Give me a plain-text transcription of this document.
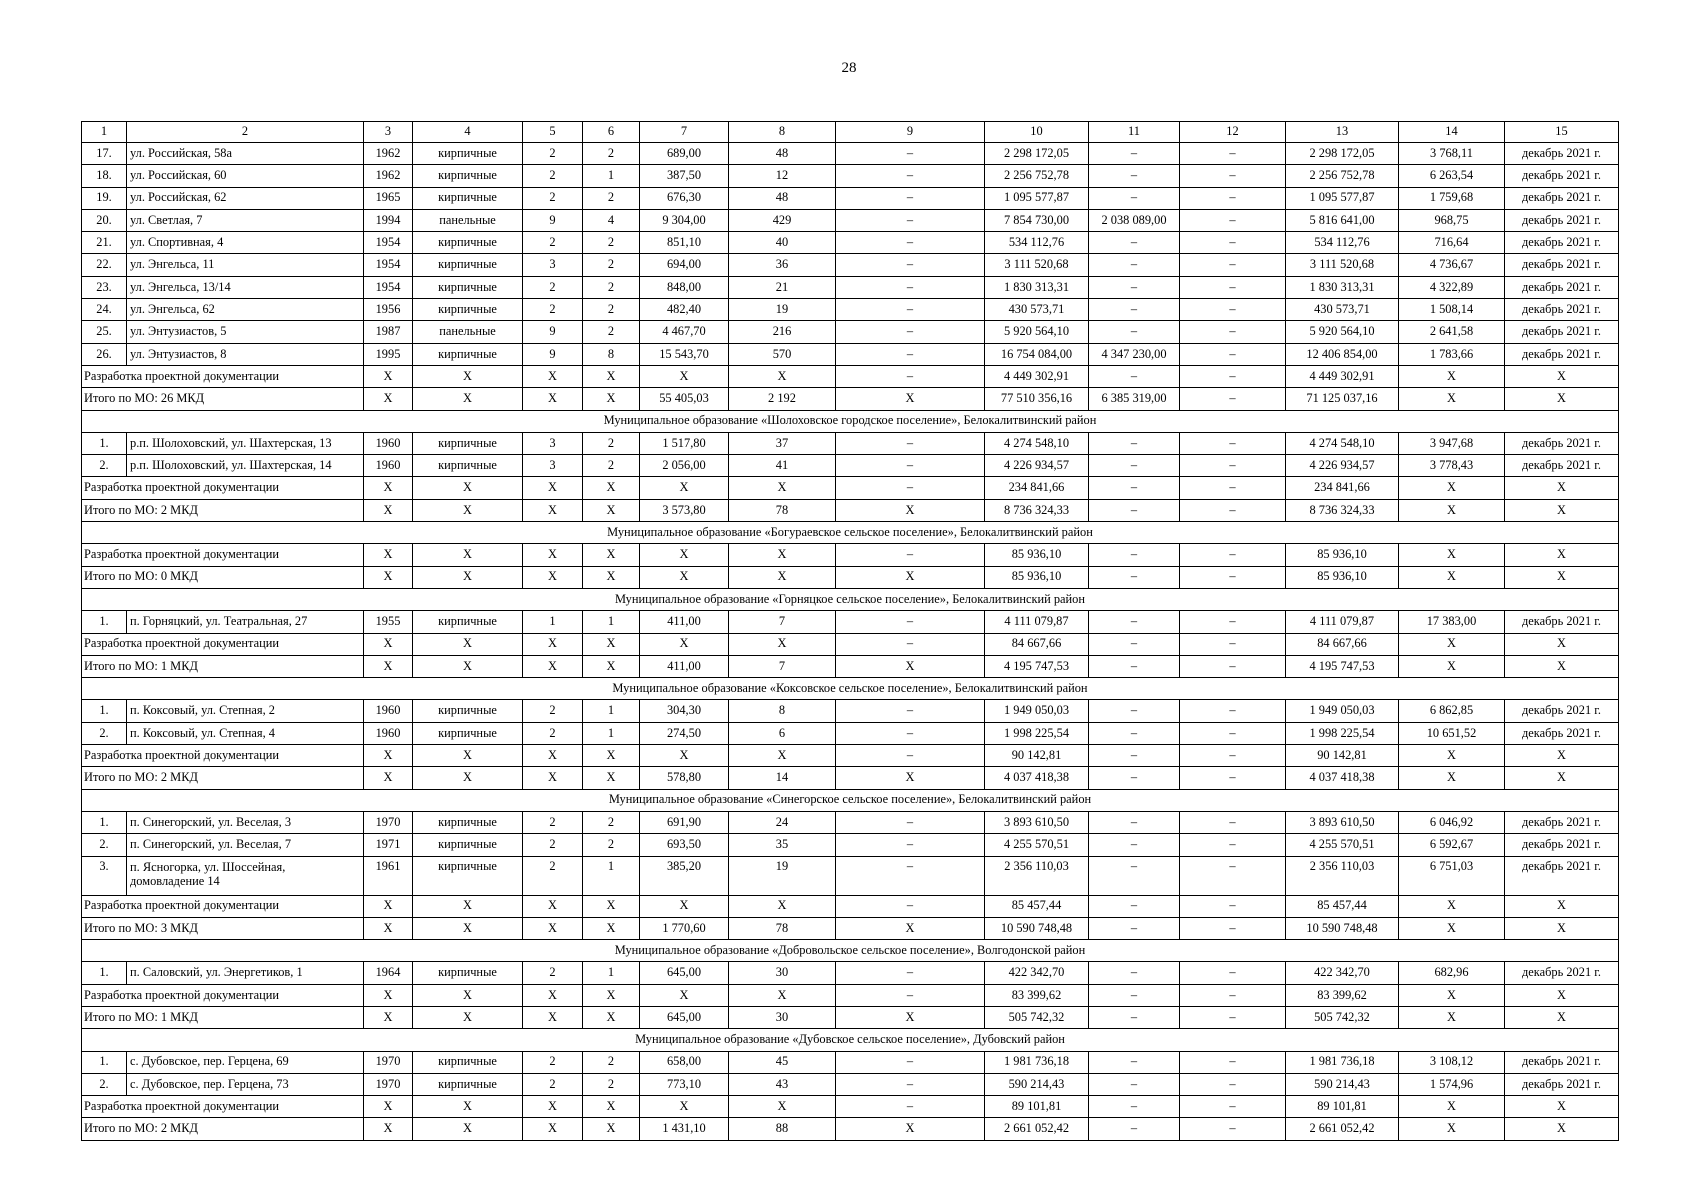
28
1	2	3	4	5	6	7	8	9	10	11	12	13	14	15
17.	ул. Российская, 58а	1962	кирпичные	2	2	689,00	48	–	2 298 172,05	–	–	2 298 172,05	3 768,11	декабрь 2021 г.
18.	ул. Российская, 60	1962	кирпичные	2	1	387,50	12	–	2 256 752,78	–	–	2 256 752,78	6 263,54	декабрь 2021 г.
19.	ул. Российская, 62	1965	кирпичные	2	2	676,30	48	–	1 095 577,87	–	–	1 095 577,87	1 759,68	декабрь 2021 г.
20.	ул. Светлая, 7	1994	панельные	9	4	9 304,00	429	–	7 854 730,00	2 038 089,00	–	5 816 641,00	968,75	декабрь 2021 г.
21.	ул. Спортивная, 4	1954	кирпичные	2	2	851,10	40	–	534 112,76	–	–	534 112,76	716,64	декабрь 2021 г.
22.	ул. Энгельса, 11	1954	кирпичные	3	2	694,00	36	–	3 111 520,68	–	–	3 111 520,68	4 736,67	декабрь 2021 г.
23.	ул. Энгельса, 13/14	1954	кирпичные	2	2	848,00	21	–	1 830 313,31	–	–	1 830 313,31	4 322,89	декабрь 2021 г.
24.	ул. Энгельса, 62	1956	кирпичные	2	2	482,40	19	–	430 573,71	–	–	430 573,71	1 508,14	декабрь 2021 г.
25.	ул. Энтузиастов, 5	1987	панельные	9	2	4 467,70	216	–	5 920 564,10	–	–	5 920 564,10	2 641,58	декабрь 2021 г.
26.	ул. Энтузиастов, 8	1995	кирпичные	9	8	15 543,70	570	–	16 754 084,00	4 347 230,00	–	12 406 854,00	1 783,66	декабрь 2021 г.
Разработка проектной документации		X	X	X	X	X	X	–	4 449 302,91	–	–	4 449 302,91	X	X
Итого по МО: 26 МКД		X	X	X	X	55 405,03	2 192	X	77 510 356,16	6 385 319,00	–	71 125 037,16	X	X
Муниципальное образование «Шолоховское городское поселение», Белокалитвинский район														
1.	р.п. Шолоховский, ул. Шахтерская, 13	1960	кирпичные	3	2	1 517,80	37	–	4 274 548,10	–	–	4 274 548,10	3 947,68	декабрь 2021 г.
2.	р.п. Шолоховский, ул. Шахтерская, 14	1960	кирпичные	3	2	2 056,00	41	–	4 226 934,57	–	–	4 226 934,57	3 778,43	декабрь 2021 г.
Разработка проектной документации		X	X	X	X	X	X	–	234 841,66	–	–	234 841,66	X	X
Итого по МО: 2 МКД		X	X	X	X	3 573,80	78	X	8 736 324,33	–	–	8 736 324,33	X	X
Муниципальное образование «Богураевское сельское поселение», Белокалитвинский район														
Разработка проектной документации		X	X	X	X	X	X	–	85 936,10	–	–	85 936,10	X	X
Итого по МО: 0 МКД		X	X	X	X	X	X	X	85 936,10	–	–	85 936,10	X	X
Муниципальное образование «Горняцкое сельское поселение», Белокалитвинский район														
1.	п. Горняцкий, ул. Театральная, 27	1955	кирпичные	1	1	411,00	7	–	4 111 079,87	–	–	4 111 079,87	17 383,00	декабрь 2021 г.
Разработка проектной документации		X	X	X	X	X	X	–	84 667,66	–	–	84 667,66	X	X
Итого по МО: 1 МКД		X	X	X	X	411,00	7	X	4 195 747,53	–	–	4 195 747,53	X	X
Муниципальное образование «Коксовское сельское поселение», Белокалитвинский район														
1.	п. Коксовый, ул. Степная, 2	1960	кирпичные	2	1	304,30	8	–	1 949 050,03	–	–	1 949 050,03	6 862,85	декабрь 2021 г.
2.	п. Коксовый, ул. Степная, 4	1960	кирпичные	2	1	274,50	6	–	1 998 225,54	–	–	1 998 225,54	10 651,52	декабрь 2021 г.
Разработка проектной документации		X	X	X	X	X	X	–	90 142,81	–	–	90 142,81	X	X
Итого по МО: 2 МКД		X	X	X	X	578,80	14	X	4 037 418,38	–	–	4 037 418,38	X	X
Муниципальное образование «Синегорское сельское поселение», Белокалитвинский район														
1.	п. Синегорский, ул. Веселая, 3	1970	кирпичные	2	2	691,90	24	–	3 893 610,50	–	–	3 893 610,50	6 046,92	декабрь 2021 г.
2.	п. Синегорский, ул. Веселая, 7	1971	кирпичные	2	2	693,50	35	–	4 255 570,51	–	–	4 255 570,51	6 592,67	декабрь 2021 г.
3.	п. Ясногорка, ул. Шоссейная, домовладение 14	1961	кирпичные	2	1	385,20	19	–	2 356 110,03	–	–	2 356 110,03	6 751,03	декабрь 2021 г.
Разработка проектной документации		X	X	X	X	X	X	–	85 457,44	–	–	85 457,44	X	X
Итого по МО: 3 МКД		X	X	X	X	1 770,60	78	X	10 590 748,48	–	–	10 590 748,48	X	X
Муниципальное образование «Добровольское сельское поселение», Волгодонской район														
1.	п. Саловский, ул. Энергетиков, 1	1964	кирпичные	2	1	645,00	30	–	422 342,70	–	–	422 342,70	682,96	декабрь 2021 г.
Разработка проектной документации		X	X	X	X	X	X	–	83 399,62	–	–	83 399,62	X	X
Итого по МО: 1 МКД		X	X	X	X	645,00	30	X	505 742,32	–	–	505 742,32	X	X
Муниципальное образование «Дубовское сельское поселение», Дубовский район														
1.	с. Дубовское, пер. Герцена, 69	1970	кирпичные	2	2	658,00	45	–	1 981 736,18	–	–	1 981 736,18	3 108,12	декабрь 2021 г.
2.	с. Дубовское, пер. Герцена, 73	1970	кирпичные	2	2	773,10	43	–	590 214,43	–	–	590 214,43	1 574,96	декабрь 2021 г.
Разработка проектной документации		X	X	X	X	X	X	–	89 101,81	–	–	89 101,81	X	X
Итого по МО: 2 МКД		X	X	X	X	1 431,10	88	X	2 661 052,42	–	–	2 661 052,42	X	X
